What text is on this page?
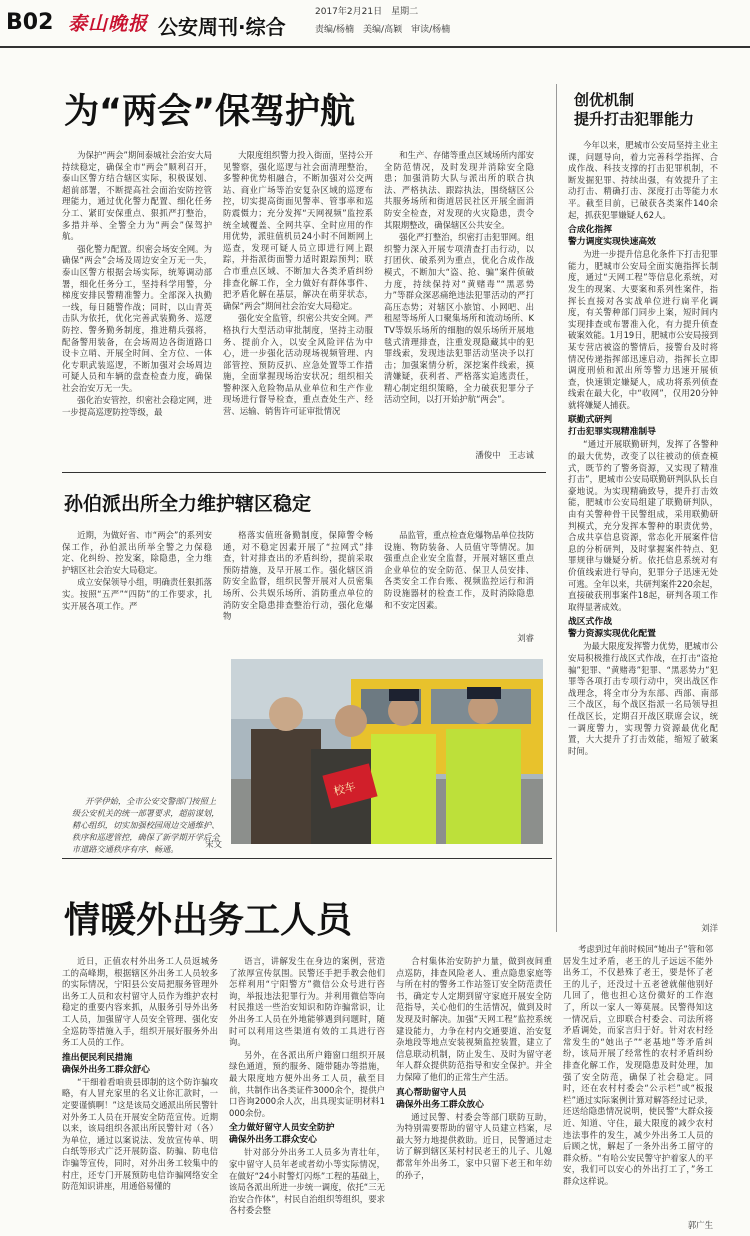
B02 泰山晚报 公安周刊·综合
2017年2月21日　星期二
责编/杨楠　美编/高颖　审读/杨楠
为“两会”保驾护航

为保护“两会”期间泰城社会治安大局持续稳定，确保全市“两会”顺利召开，泰山区警方结合辖区实际，积极谋划、超前部署，不断提高社会面治安防控管理能力，通过优化警力配置、细化任务分工、紧盯安保重点、狠抓严打整治，多措并举、全警全力为“两会”保驾护航。

强化警力配置。织密会场安全网。为确保“两会”会场及周边安全万无一失，泰山区警方根据会场实际，统筹调动部署，细化任务分工，坚持科学用警，分梯度安排民警精准警力。全部深入执勤一线，每日随警作战；同时，以山青英击队为依托，优化完善武装勤务、巡逻防控、警务勤务制度，推进精兵强将，配备警用装备，在会场周边各街道路口设卡立哨、开展全时间、全方位、一体化专职武装巡逻，不断加强对会场周边可疑人员和车辆的盘查检查力度，确保社会治安万无一失。

强化治安管控，织密社会稳定网，进一步提高巡逻防控等级，最

大限度组织警力投入街面，坚持公开见警察，强化巡逻与社会面清理整治，多警种优势相融合，不断加强对公交两站、商业广场等治安复杂区域的巡逻布控，切实提高街面见警率、管事率和巡防震慑力；充分发挥“天网视频”监控系统全域覆盖、全网共享、全时应用的作用优势，派驻值机员24小时不间断网上巡查，发现可疑人员立即进行网上跟踪，并指派街面警力适时跟踪预判；联合市重点区域、不断加大各类矛盾纠纷排查化解工作，全力做好有群体事件、把矛盾化解在基层，解决在萌芽状态，确保“两会”期间社会治安大局稳定。

强化安全监管，织密公共安全网。严格执行大型活动审批制度，坚持主动服务、提前介入，以安全风险评估为中心，进一步强化活动现场视频管理、内部管控、预防反扒、应急处置等工作措施，全面掌握现场治安状况；组织相关警种深入危险物品从业单位和生产作业现场进行督导检查，重点查处生产、经营、运输、销售许可证审批情况

和生产、存储等重点区域场所内部安全防范情况，及时发现并消除安全隐患；加强消防大队与派出所的联合执法、严格执法、跟踪执法，围绕辖区公共服务场所和街道居民社区开展全面消防安全检查，对发现的火灾隐患，责令其限期整改，确保辖区公共安全。

强化严打整治，织密打击犯罪网。组织警力深入开展专项清查打击行动，以打团伙、破系列为重点，优化合成作战模式，不断加大“盗、抢、骗”案件侦破力度，持续保持对“黄赌毒”“黑恶势力”等群众深恶痛绝违法犯罪活动的严打高压态势；对辖区小旅馆、小网吧、出租屋等场所人口聚集场所和流动场所、KTV等娱乐场所的细胞的娱乐场所开展地毯式清理排查，注重发现隐藏其中的犯罪线索，发现违法犯罪活动坚决予以打击；加强案情分析，深挖案件线索，摸清嫌疑，获利者、严格落实追逃责任，精心制定组织策略，全力破获犯罪分子活动空间，以打开始护航“两会”。

潘俊中　王志诚
孙伯派出所全力维护辖区稳定

近期，为做好省、市“两会”的系列安保工作，孙伯派出所举全警之力保稳定、化纠纷、控发案，除隐患，全力维护辖区社会治安大局稳定。

成立安保领导小组，明确责任狠抓落实。按照“五严”“四防”的工作要求，扎实开展各项工作。严

格落实值班备勤制度，保障警令畅通，对不稳定因素开展了“拉网式”排查，针对排查出的矛盾纠纷，提前采取预防措施，及早开展工作。强化辖区消防安全监督，组织民警开展对人员密集场所、公共娱乐场所、消防重点单位的消防安全隐患排查整治行动，强化危爆物

品监管，重点检查危爆物品单位技防设施、物防装备、人员值守等情况。加强重点企业安全监督，开展对辖区重点企业单位的安全防范、保卫人员安排、各类安全工作台账、视频监控运行和消防设施器材的检查工作，及时消除隐患和不安定因素。

刘睿
校车
开学伊始，全市公安交警部门按照上级公安机关的统一部署要求，超前谋划，精心组织，切实加强校园周边交通维护、秩序和巡逻管控，确保了新学期开学后全市道路交通秩序有序、畅通。	宋文
情暖外出务工人员

近日，正值农村外出务工人员返城务工的高峰期，根据辖区外出务工人员较多的实际情况，宁阳县公安局把服务管理外出务工人员和农村留守人员作为维护农村稳定的重要内容来抓，从服务引导外出务工人员，加强留守人员安全管理、强化安全巡防等措施入手，组织开展好服务外出务工人员的工作。

推出便民利民措施
确保外出务工群众舒心

“干细着看咱贵县即制的这个防诈骗攻略，有人冒充家里的名义让你汇款时，一定要谨慎啊！”这是该局交通派出所民警针对外务工人员在开展安全防范宣传。近期以来，该局组织各派出所民警针对（各）为单位，通过以案说法、发放宣传单、明白纸等形式广泛开展防盗、防骗、防电信诈骗等宣传，同时，对外出务工较集中的村庄，还专门开展预防电信诈骗网络安全防范知识讲座，用通俗易懂的

语言，讲解发生在身边的案例，营造了浓厚宣传氛围。民警还手把手教会他们怎样利用“宁阳警方”微信公众号进行咨询，举报违法犯罪行为。并利用微信等向村民推送一些治安知识和防诈骗常识，让外出务工人员在外地能够遇到问题时，随时可以利用这些渠道有效的工具进行咨询。

另外，在各派出所户籍窗口组织开展绿色通道，预约服务、随带随办等措施，最大限度地方便外出务工人员，截至目前，共制作出各类证件3000余个，提供户口咨询2000余人次，出具现实证明材料1000余份。

全力做好留守人员安全防护
确保外出务工群众安心

针对部分外出务工人员多为青壮年，家中留守人员年老或者幼小等实际情况，在做好“24小时警灯闪烁”工程的基础上，该局各派出所进一步统一调度，依托“三无治安合作体”，村民自治组织等组织，要求各村委会整

合村集体治安防护力量，做到夜间重点巡防，排查风险老人、重点隐患家庭等与所在村的警务工作站签订安全防范责任书，确定专人定期到留守家庭开展安全防范指导，关心他们的生活情况，做到及时发现及时解决。加强“天网工程”监控系统建设能力，力争在村内交通要道、治安复杂地段等地点安装视频监控装置，建立了信息联动机制，防止发生、及时为留守老年人群众提供防范指导和安全保护。并全力保障了他们的正常生产生活。

真心帮助留守人员
确保外出务工群众放心

通过民警、村委会等部门联防互助，为特别需要帮助的留守人员建立档案，尽最大努力地提供救助。近日，民警通过走访了解到辖区某村村民老王的儿子、儿媳都常年外出务工，家中只留下老王和年幼的孙子，

考虑到过年前时候回“她出子”管和邻居发生过矛盾，老王的儿子远远不能外出务工，不仅悬殊了老王，要是怀了老王的儿子，还没过十五老爸就催他别好几回了，他也担心这份微好的工作泡了，所以一家人一筹莫展。民警得知这一情况后，立即联合村委会、司法所将矛盾调处，而家言归于好。针对农村经常发生的“她出子”“老基地”等矛盾纠纷，该局开展了经常性的农村矛盾纠纷排查化解工作，发现隐患及时处理，加强了安全防范，确保了社会稳定。同时，还在农村村委会“公示栏”或“板报栏”通过实际案例计算对解答经过记录，还送给隐患情况说明，使民警“大群众接近、知道、守住，最大限度的减少农村违法事件的发生，减少外出务工人员的后顾之忧，解起了一条外出务工留守的群众桥。“有哈公安民警守护着家人的平安，我们可以安心的外出打工了，”务工群众这样说。

郭广生
创优机制
提升打击犯罪能力

今年以来，肥城市公安局坚持主业主课，问题导向，着力完善科学指挥、合成作战、科技支撑的打击犯罪机制，不断发掘犯罪、持续出强，有效提升了主动打击、精确打击、深度打击等能力水平。截至目前，已破获各类案件140余起，抓获犯罪嫌疑人62人。

合成化指挥
警力调度实现快速高效

为进一步提升信息化条件下打击犯罪能力，肥城市公安局全面实施指挥长制度，通过“天网工程”等信息化系统，对发生的现案、大要案和系列性案件，指挥长直接对各实战单位进行扁平化调度，有关警种部门同步上案，短时间内实现排查或布署准入化，有力提升侦查破案效能。1月19日，肥城市公安局接到某专营店被盗的警情后，接警台及时将情况传递指挥部迅速启动，指挥长立即调度刑侦和派出所等警力迅速开展侦查，快速锁定嫌疑人，成功将系列侦查线索在最大化，中“收网”，仅用20分钟就将嫌疑人捕获。

联勤式研判
打击犯罪实现精准制导

“通过开展联勤研判，发挥了各警种的最大优势，改变了以往被动的侦查模式，既节约了警务资源，又实现了精准打击”，肥城市公安局联勤研判队队长自豪地说。为实现精确致导，提升打击效能，肥城市公安局组建了联勤研判队，由有关警种骨干民警组成，采用联勤研判模式，充分发挥本警种的职责优势，合成共享信息资源，常态化开展案件信息的分析研判，及时掌握案件特点、犯罪规律与嫌疑分析。依托信息系统对有价值线索进行导向，犯罪分子迅速无处可逃。全年以来，共研判案件220余起，直接破获刑事案件18起，研判各项工作取得显著成效。

战区式作战
警力资源实现优化配置

为最大限度发挥警力优势，肥城市公安局积极推行战区式作战，在打击“盗抢骗”犯罪、“黄赌毒”犯罪、“黑恶势力”犯罪等各项打击专项行动中，突出战区作战理念，将全市分为东部、西部、南部三个战区，每个战区指派一名局领导担任战区长，定期召开战区联席会议，统一调度警力，实现警力资源最优化配置，大大提升了打击效能，缩短了破案时间。

刘洋
